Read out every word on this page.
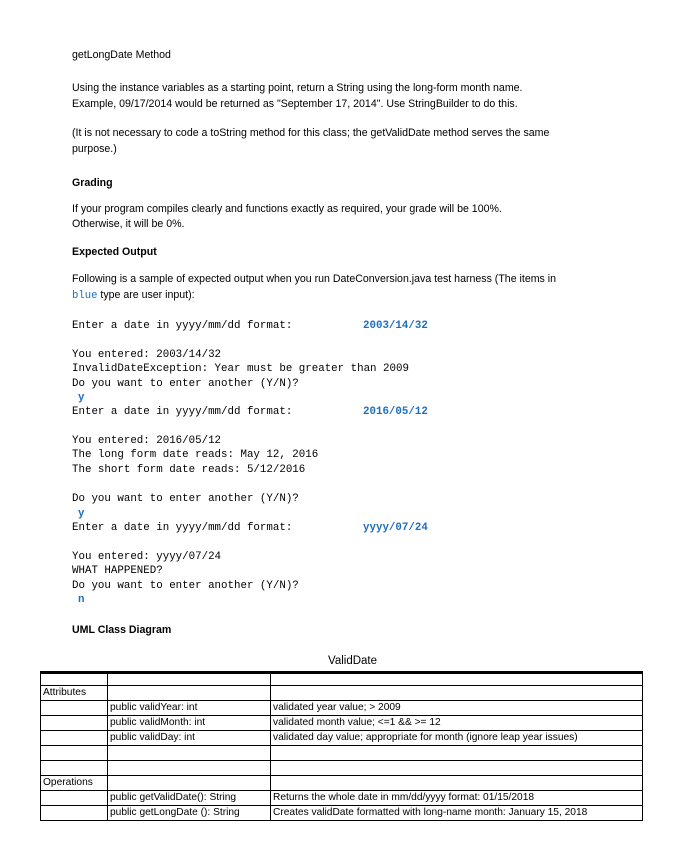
getLongDate Method
Using the instance variables as a starting point, return a String using the long-form month name.
Example, 09/17/2014 would be returned as "September 17, 2014". Use StringBuilder to do this.
(It is not necessary to code a toString method for this class; the getValidDate method serves the same
purpose.)
Grading
If your program compiles clearly and functions exactly as required, your grade will be 100%.
Otherwise, it will be 0%.
Expected Output
Following is a sample of expected output when you run DateConversion.java test harness (The items in
blue type are user input):
Enter a date in yyyy/mm/dd format:	2003/14/32
You entered: 2003/14/32
InvalidDateException: Year must be greater than 2009
Do you want to enter another (Y/N)?
y
Enter a date in yyyy/mm/dd format:	2016/05/12
You entered: 2016/05/12
The long form date reads: May 12, 2016
The short form date reads: 5/12/2016
Do you want to enter another (Y/N)?
y
Enter a date in yyyy/mm/dd format:	yyyy/07/24
You entered: yyyy/07/24
WHAT HAPPENED?
Do you want to enter another (Y/N)?
n
UML Class Diagram
ValidDate

Attributes		
	public validYear: int	validated year value; > 2009
	public validMonth: int	validated month value; <=1 && >= 12
	public validDay: int	validated day value; appropriate for month (ignore leap year issues)

Operations		
	public getValidDate(): String	Returns the whole date in mm/dd/yyyy format: 01/15/2018
	public getLongDate (): String	Creates validDate formatted with long-name month: January 15, 2018
